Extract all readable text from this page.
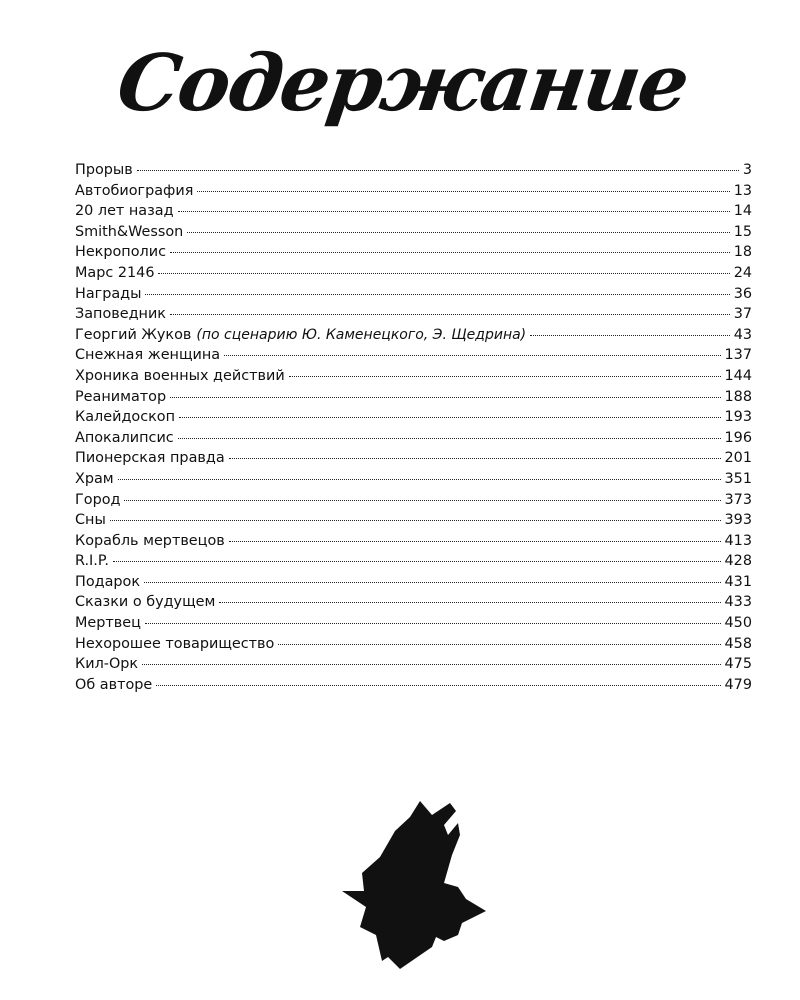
Содержание
Прорыв	3
Автобиография	13
20 лет назад	14
Smith&Wesson	15
Некрополис	18
Марс 2146	24
Награды	36
Заповедник	37
Георгий Жуков (по сценарию Ю. Каменецкого, Э. Щедрина)	43
Снежная женщина	137
Хроника военных действий	144
Реаниматор	188
Калейдоскоп	193
Апокалипсис	196
Пионерская правда	201
Храм	351
Город	373
Сны	393
Корабль мертвецов	413
R.I.P.	428
Подарок	431
Сказки о будущем	433
Мертвец	450
Нехорошее товарищество	458
Кил-Орк	475
Об авторе	479
